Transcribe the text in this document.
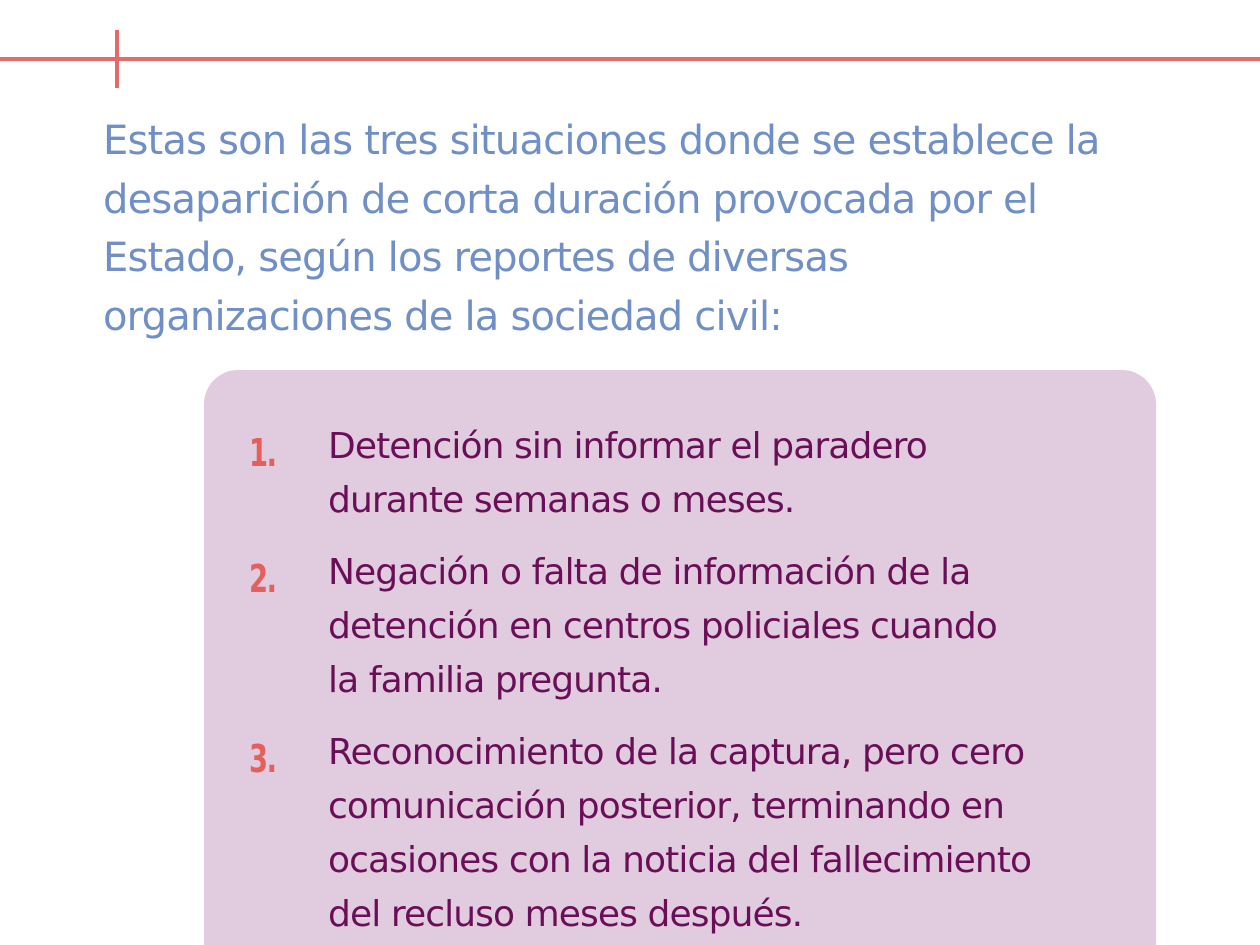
Estas son las tres situaciones donde se establece la
desaparición de corta duración provocada por el
Estado, según los reportes de diversas
organizaciones de la sociedad civil:

1. Detención sin informar el paradero
durante semanas o meses.

2. Negación o falta de información de la
detención en centros policiales cuando
la familia pregunta.

3. Reconocimiento de la captura, pero cero
comunicación posterior, terminando en
ocasiones con la noticia del fallecimiento
del recluso meses después.
